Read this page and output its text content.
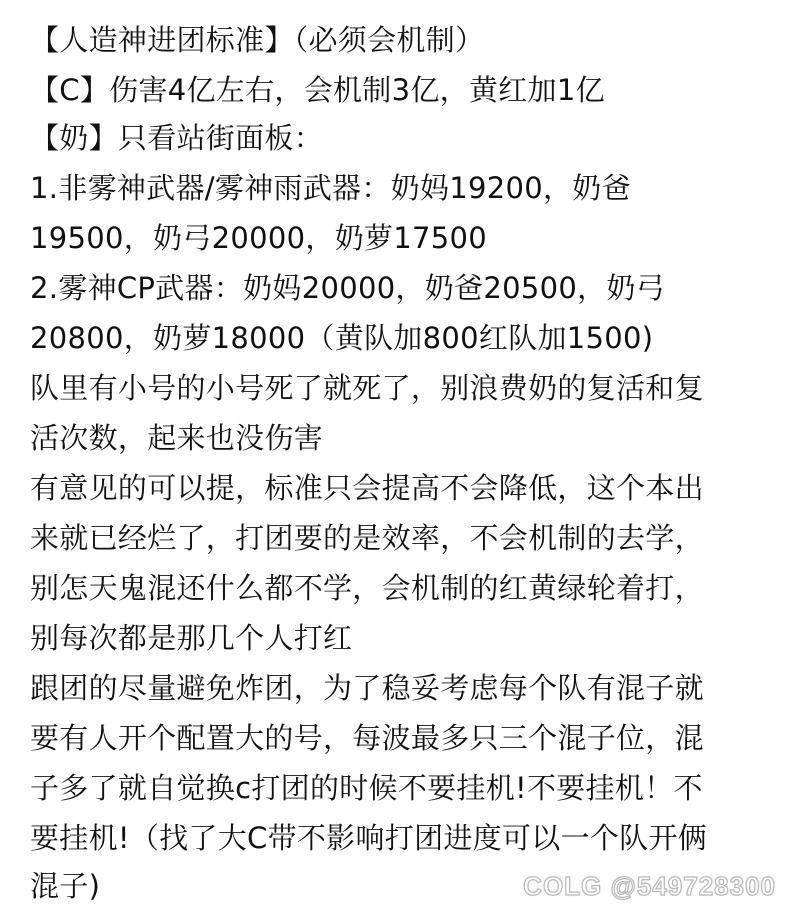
【人造神进团标准】（必须会机制）
【C】伤害4亿左右，会机制3亿，黄红加1亿
【奶】只看站街面板：
1.非雾神武器/雾神雨武器：奶妈19200，奶爸
19500，奶弓20000，奶萝17500
2.雾神CP武器：奶妈20000，奶爸20500，奶弓
20800，奶萝18000（黄队加800红队加1500)
队里有小号的小号死了就死了，别浪费奶的复活和复
活次数，起来也没伤害
有意见的可以提，标准只会提高不会降低，这个本出
来就已经烂了，打团要的是效率，不会机制的去学，
别怎天鬼混还什么都不学，会机制的红黄绿轮着打，
别每次都是那几个人打红
跟团的尽量避免炸团，为了稳妥考虑每个队有混子就
要有人开个配置大的号，每波最多只三个混子位，混
子多了就自觉换c打团的时候不要挂机!不要挂机！不
要挂机!（找了大C带不影响打团进度可以一个队开俩
混子)	COLG @549728300
